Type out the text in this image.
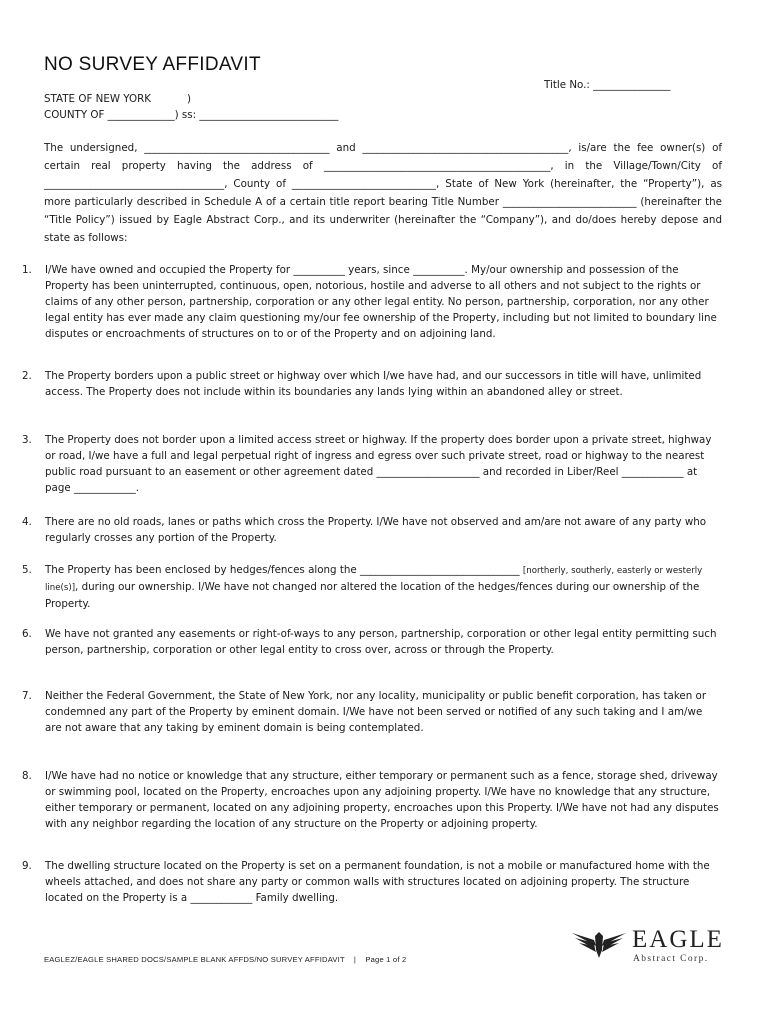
NO SURVEY AFFIDAVIT
Title No.: _______________
STATE OF NEW YORK           )
COUNTY OF _____________) ss: ___________________________
The undersigned, ____________________________________ and ________________________________________, is/are the fee owner(s) of certain real property having the address of ____________________________________________, in the Village/Town/City of ___________________________________, County of ____________________________, State of New York (hereinafter, the “Property”), as more particularly described in Schedule A of a certain title report bearing Title Number __________________________ (hereinafter the “Title Policy”) issued by Eagle Abstract Corp., and its underwriter (hereinafter the “Company”), and do/does hereby depose and state as follows:
1.	I/We have owned and occupied the Property for __________ years, since __________. My/our ownership and possession of the Property has been uninterrupted, continuous, open, notorious, hostile and adverse to all others and not subject to the rights or claims of any other person, partnership, corporation or any other legal entity. No person, partnership, corporation, nor any other legal entity has ever made any claim questioning my/our fee ownership of the Property, including but not limited to boundary line disputes or encroachments of structures on to or of the Property and on adjoining land.
2.	The Property borders upon a public street or highway over which I/we have had, and our successors in title will have, unlimited access. The Property does not include within its boundaries any lands lying within an abandoned alley or street.
3.	The Property does not border upon a limited access street or highway. If the property does border upon a private street, highway or road, I/we have a full and legal perpetual right of ingress and egress over such private street, road or highway to the nearest public road pursuant to an easement or other agreement dated ____________________ and recorded in Liber/Reel ____________ at page ____________.
4.	There are no old roads, lanes or paths which cross the Property. I/We have not observed and am/are not aware of any party who regularly crosses any portion of the Property.
5.	The Property has been enclosed by hedges/fences along the _______________________________ [northerly, southerly, easterly or westerly line(s)], during our ownership. I/We have not changed nor altered the location of the hedges/fences during our ownership of the Property.
6.	We have not granted any easements or right-of-ways to any person, partnership, corporation or other legal entity permitting such person, partnership, corporation or other legal entity to cross over, across or through the Property.
7.	Neither the Federal Government, the State of New York, nor any locality, municipality or public benefit corporation, has taken or condemned any part of the Property by eminent domain. I/We have not been served or notified of any such taking and I am/we are not aware that any taking by eminent domain is being contemplated.
8.	I/We have had no notice or knowledge that any structure, either temporary or permanent such as a fence, storage shed, driveway or swimming pool, located on the Property, encroaches upon any adjoining property. I/We have no knowledge that any structure, either temporary or permanent, located on any adjoining property, encroaches upon this Property. I/We have not had any disputes with any neighbor regarding the location of any structure on the Property or adjoining property.
9.	The dwelling structure located on the Property is set on a permanent foundation, is not a mobile or manufactured home with the wheels attached, and does not share any party or common walls with structures located on adjoining property. The structure located on the Property is a ____________ Family dwelling.
EAGLEZ/EAGLE SHARED DOCS/SAMPLE BLANK AFFDS/NO SURVEY AFFIDAVIT    |    Page 1 of 2
EAGLE
Abstract Corp.
